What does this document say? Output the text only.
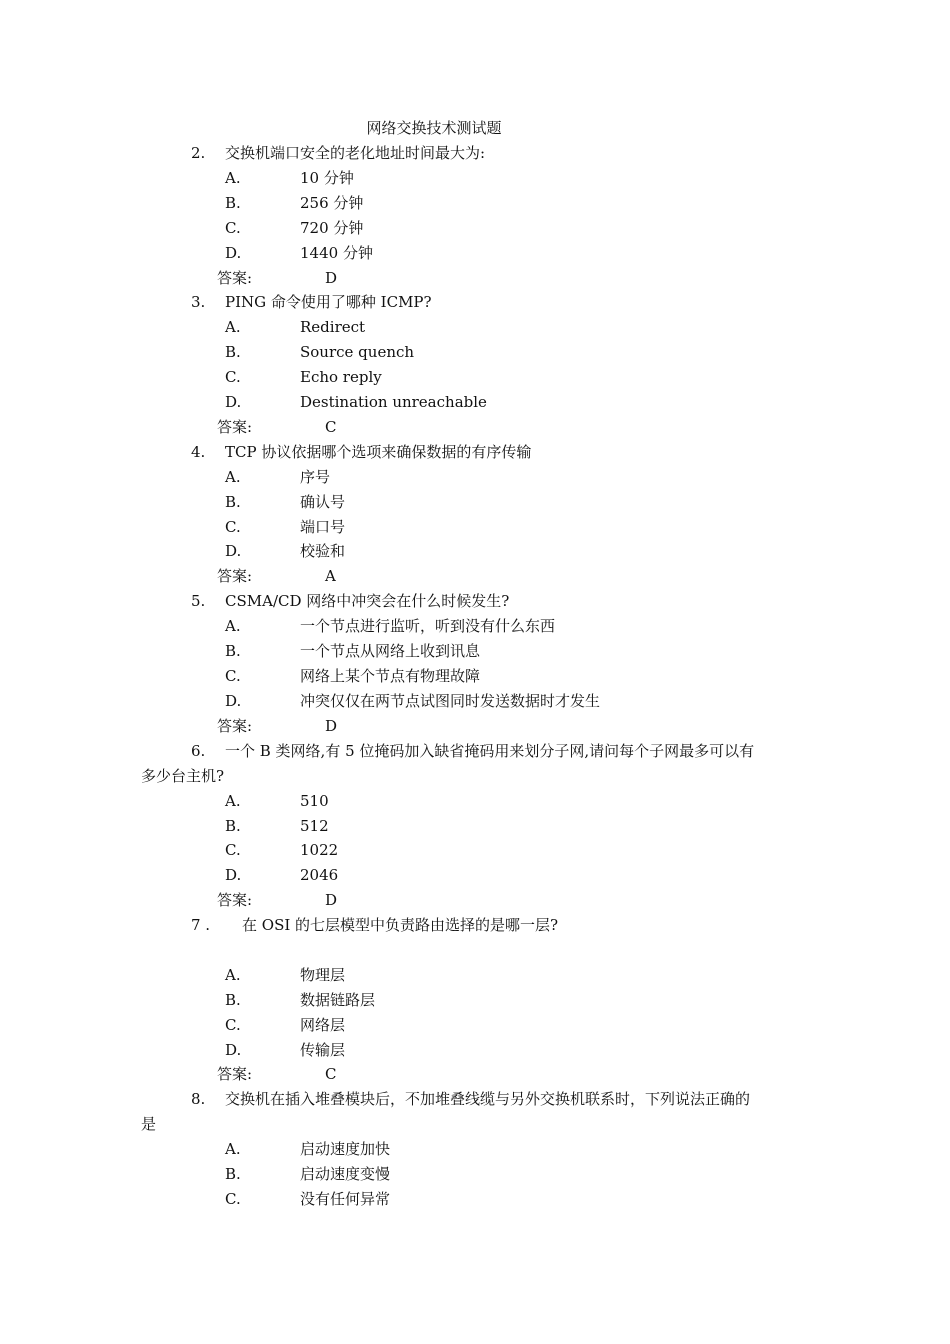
网络交换技术测试题
2. 交换机端口安全的老化地址时间最大为:
A.	10 分钟
B.	256 分钟
C.	720 分钟
D.	1440 分钟
答案:	D
3. PING 命令使用了哪种 ICMP?
A.	Redirect
B.	Source quench
C.	Echo reply
D.	Destination unreachable
答案:	C
4. TCP 协议依据哪个选项来确保数据的有序传输
A.	序号
B.	确认号
C.	端口号
D.	校验和
答案:	A
5. CSMA/CD 网络中冲突会在什么时候发生?
A.	一个节点进行监听，听到没有什么东西
B.	一个节点从网络上收到讯息
C.	网络上某个节点有物理故障
D.	冲突仅仅在两节点试图同时发送数据时才发生
答案:	D
6. 一个 B 类网络,有 5 位掩码加入缺省掩码用来划分子网,请问每个子网最多可以有
多少台主机?
A.	510
B.	512
C.	1022
D.	2046
答案:	D
7 . 在 OSI 的七层模型中负责路由选择的是哪一层?
A.	物理层
B.	数据链路层
C.	网络层
D.	传输层
答案:	C
8. 交换机在插入堆叠模块后，不加堆叠线缆与另外交换机联系时，下列说法正确的
是
A.	启动速度加快
B.	启动速度变慢
C.	没有任何异常
